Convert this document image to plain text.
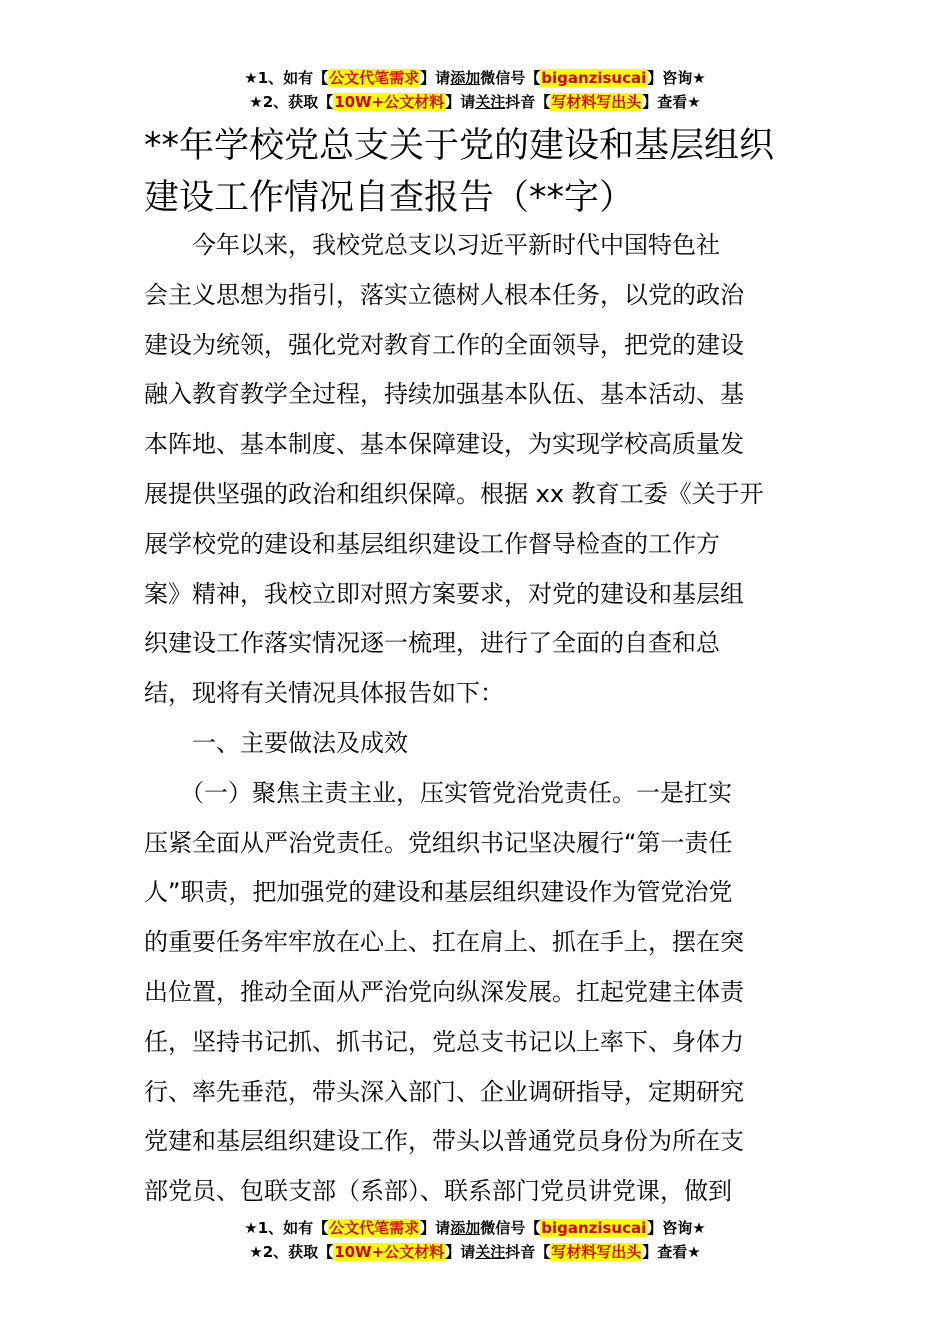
★1、如有【公文代笔需求】请添加微信号【biganzisucai】咨询★
★2、获取【10W+公文材料】请关注抖音【写材料写出头】查看★
**年学校党总支关于党的建设和基层组织
建设工作情况自查报告（**字）
　　今年以来，我校党总支以习近平新时代中国特色社
会主义思想为指引，落实立德树人根本任务，以党的政治
建设为统领，强化党对教育工作的全面领导，把党的建设
融入教育教学全过程，持续加强基本队伍、基本活动、基
本阵地、基本制度、基本保障建设，为实现学校高质量发
展提供坚强的政治和组织保障。根据 xx 教育工委《关于开
展学校党的建设和基层组织建设工作督导检查的工作方
案》精神，我校立即对照方案要求，对党的建设和基层组
织建设工作落实情况逐一梳理，进行了全面的自查和总
结，现将有关情况具体报告如下：
　　一、主要做法及成效
　　（一）聚焦主责主业，压实管党治党责任。一是扛实
压紧全面从严治党责任。党组织书记坚决履行“第一责任
人”职责，把加强党的建设和基层组织建设作为管党治党
的重要任务牢牢放在心上、扛在肩上、抓在手上，摆在突
出位置，推动全面从严治党向纵深发展。扛起党建主体责
任，坚持书记抓、抓书记，党总支书记以上率下、身体力
行、率先垂范，带头深入部门、企业调研指导，定期研究
党建和基层组织建设工作，带头以普通党员身份为所在支
部党员、包联支部（系部）、联系部门党员讲党课，做到
★1、如有【公文代笔需求】请添加微信号【biganzisucai】咨询★
★2、获取【10W+公文材料】请关注抖音【写材料写出头】查看★
